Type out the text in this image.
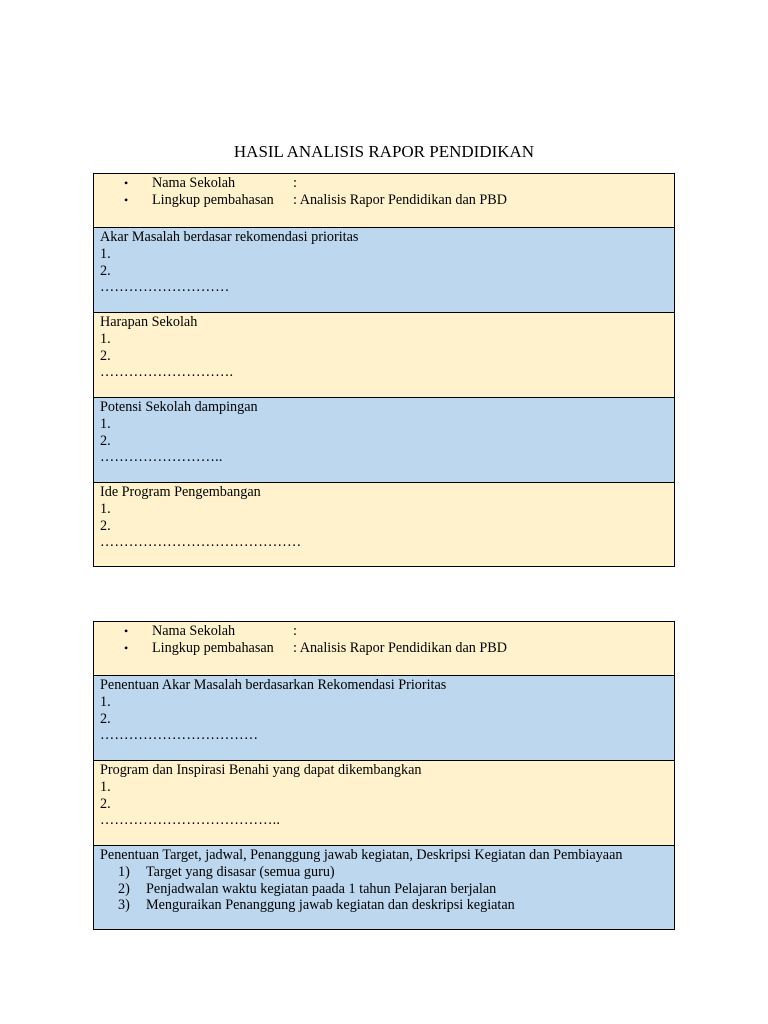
HASIL ANALISIS RAPOR PENDIDIKAN
•	Nama Sekolah	:
•	Lingkup pembahasan	: Analisis Rapor Pendidikan dan PBD
Akar Masalah berdasar rekomendasi prioritas
1.
2.
………………………
Harapan Sekolah
1.
2.
……………………….
Potensi Sekolah dampingan
1.
2.
……………………..
Ide Program Pengembangan
1.
2.
……………………………………
•	Nama Sekolah	:
•	Lingkup pembahasan	: Analisis Rapor Pendidikan dan PBD
Penentuan Akar Masalah berdasarkan Rekomendasi Prioritas
1.
2.
……………………………
Program dan Inspirasi Benahi yang dapat dikembangkan
1.
2.
………………………………..
Penentuan Target, jadwal, Penanggung jawab kegiatan, Deskripsi Kegiatan dan Pembiayaan
1)	Target yang disasar (semua guru)
2)	Penjadwalan waktu kegiatan paada 1 tahun Pelajaran berjalan
3)	Menguraikan Penanggung jawab kegiatan dan deskripsi kegiatan
